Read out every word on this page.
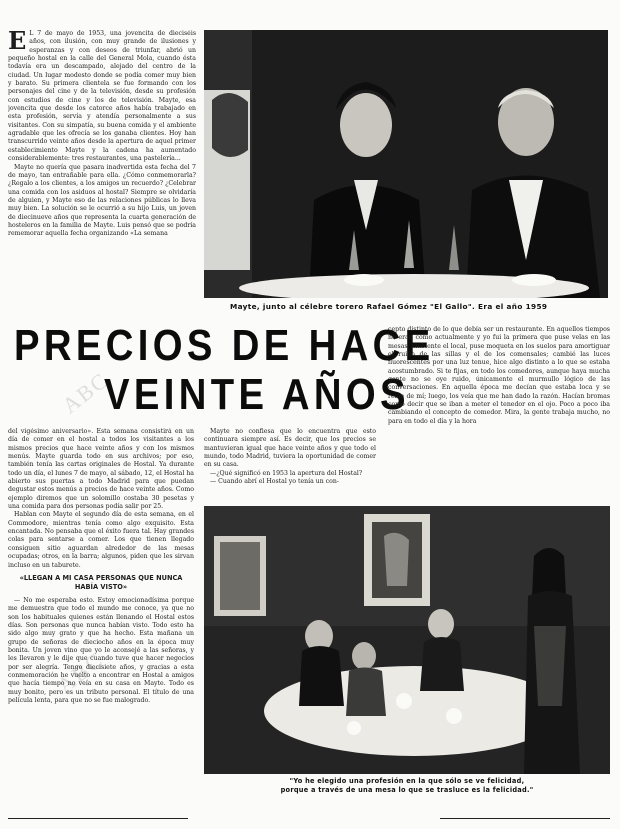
ABC
ABC
E L 7 de mayo de 1953, una jovencita de dieciséis años, con ilusión, con muy grande de ilusiones y esperanzas y con deseos de triunfar, abrió un pequeño hostal en la calle del General Mola, cuando ésta todavía era un descampado, alejado del centro de la ciudad. Un lugar modesto donde se podía comer muy bien y barato. Su primera clientela se fue formando con los personajes del cine y de la televisión, desde su profesión con estudios de cine y los de televisión. Mayte, esa jovencita que desde los catorce años había trabajado en esta profesión, servía y atendía personalmente a sus visitantes. Con su simpatía, su buena comida y el ambiente agradable que les ofrecía se los ganaba clientes. Hoy han transcurrido veinte años desde la apertura de aquel primer establecimiento Mayte y la cadena ha aumentado considerablemente: tres restaurantes, una pastelería...

Mayte no quería que pasara inadvertida esta fecha del 7 de mayo, tan entrañable para ella. ¿Cómo conmemorarla? ¿Regalo a los clientes, a los amigos un recuerdo? ¿Celebrar una comida con los asiduos al hostal? Siempre se olvidaría de alguien, y Mayte eso de las relaciones públicas lo lleva muy bien. La solución se le ocurrió a su hijo Luis, un joven de diecinueve años que representa la cuarta generación de hosteleros en la familia de Mayte. Luis pensó que se podría rememorar aquella fecha organizando «La semana

Mayte, junto al célebre torero Rafael Gómez "El Gallo". Era el año 1959
PRECIOS DE HACE
VEINTE AÑOS

del vigésimo aniversario». Esta semana consistirá en un día de comer en el hostal a todos los visitantes a los mismos precios que hace veinte años y con los mismos menús. Mayte guarda todo en sus archivos; por eso, también tenía las cartas originales de Hostal. Ya durante todo un día, el lunes 7 de mayo, al sábado, 12, el Hostal ha abierto sus puertas a todo Madrid para que puedan degustar estos menús a precios de hace veinte años. Como ejemplo diremos que un solomillo costaba 30 pesetas y una comida para dos personas podía salir por 25.

Hablan con Mayte el segundo día de esta semana, en el Commodore, mientras tenía como algo exquisito. Esta encantada. No pensaba que el éxito fuera tal. Hay grandes colas para sentarse a comer. Los que tienen llegado consiguen sitio aguardan alrededor de las mesas ocupadas; otros, en la barra; algunos, piden que les sirvan incluso en un taburete.

«LLEGAN A MI CASA PERSONAS QUE NUNCA HABÍA VISTO»

— No me esperaba esto. Estoy emocionadísima porque me demuestra que todo el mundo me conoce, ya que no son los habituales quienes están llenando el Hostal estos días. Son personas que nunca habían visto. Todo esto ha sido algo muy grato y que ha hecho. Esta mañana un grupo de señoras de dieciocho años en la época muy bonita. Un joven vino que yo le aconsejé a las señoras, y les llevaron y le dije que cuando tuve que hacer negocios por ser alegría. Tengo diecisiete años, y gracias a esta conmemoración he vuelto a encontrar en Hostal a amigos que hacía tiempo no veía en su casa en Mayte. Todo es muy bonito, pero es un tributo personal. El título de una película lenta, para que no se fue malogrado.

Mayte no confiesa que lo encuentra que esto continuara siempre así. Es decir, que los precios se mantuvieran igual que hace veinte años y que todo el mundo, todo Madrid, tuviera la oportunidad de comer en su casa.

—¿Qué significó en 1953 la apertura del Hostal?

— Cuando abrí el Hostal yo tenía un con-

cepto distinto de lo que debía ser un restaurante. En aquellos tiempos no eran como actualmente y yo fui la primera que puse velas en las mesas, ambiente el local, puse moqueta en los suelos para amortiguar el ruido de las sillas y el de los comensales; cambié las luces fluorescentes por una luz tenue, hice algo distinto a lo que se estaba acostumbrado. Si te fijas, en todo los comedores, aunque haya mucha gente no se oye ruido, únicamente el murmullo lógico de las conversaciones. En aquella época me decían que estaba loca y se reían de mí; luego, los veía que me han dado la razón. Hacían bromas como decir que se iban a meter el tenedor en el ojo. Poco a poco iba cambiando el concepto de comedor. Mira, la gente trabaja mucho, no para en todo el día y la hora

"Yo he elegido una profesión en la que sólo se ve felicidad,
porque a través de una mesa lo que se trasluce es la felicidad."
